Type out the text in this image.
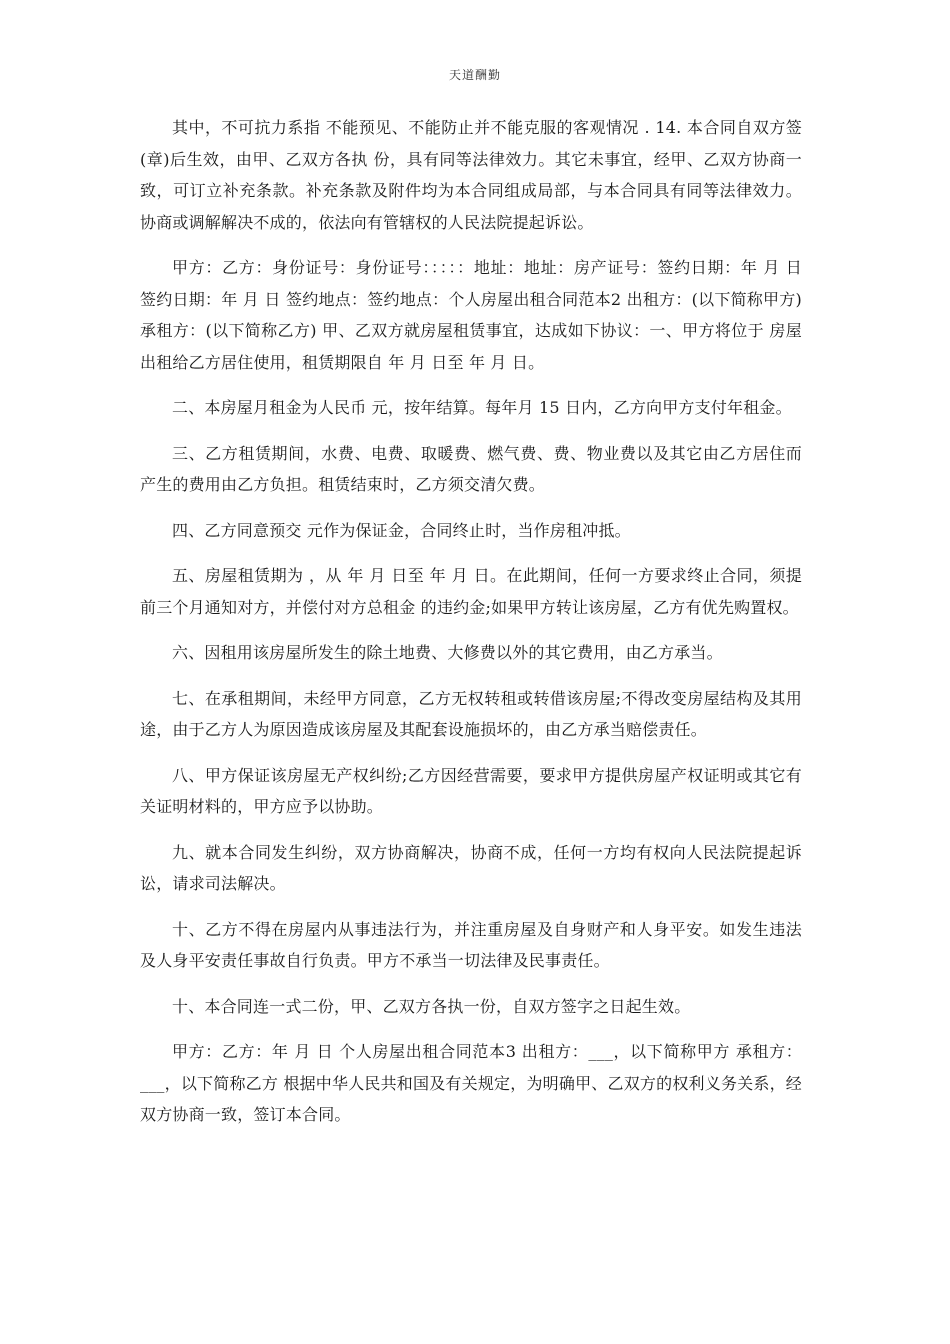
天道酬勤

其中，不可抗力系指 不能预见、不能防止并不能克服的客观情况 . 14. 本合同自双方签(章)后生效，由甲、乙双方各执 份，具有同等法律效力。其它未事宜，经甲、乙双方协商一致，可订立补充条款。补充条款及附件均为本合同组成局部，与本合同具有同等法律效力。协商或调解解决不成的，依法向有管辖权的人民法院提起诉讼。

甲方：乙方：身份证号：身份证号：：：：：地址：地址：房产证号：签约日期：年 月 日 签约日期：年 月 日 签约地点：签约地点：个人房屋出租合同范本2 出租方：(以下简称甲方) 承租方：(以下简称乙方) 甲、乙双方就房屋租赁事宜，达成如下协议：一、甲方将位于 房屋出租给乙方居住使用，租赁期限自 年 月 日至 年 月 日。

二、本房屋月租金为人民币 元，按年结算。每年月 15 日内，乙方向甲方支付年租金。

三、乙方租赁期间，水费、电费、取暖费、燃气费、费、物业费以及其它由乙方居住而产生的费用由乙方负担。租赁结束时，乙方须交清欠费。

四、乙方同意预交 元作为保证金，合同终止时，当作房租冲抵。

五、房屋租赁期为 ，从 年 月 日至 年 月 日。在此期间，任何一方要求终止合同，须提前三个月通知对方，并偿付对方总租金 的违约金;如果甲方转让该房屋，乙方有优先购置权。

六、因租用该房屋所发生的除土地费、大修费以外的其它费用，由乙方承当。

七、在承租期间，未经甲方同意，乙方无权转租或转借该房屋;不得改变房屋结构及其用途，由于乙方人为原因造成该房屋及其配套设施损坏的，由乙方承当赔偿责任。

八、甲方保证该房屋无产权纠纷;乙方因经营需要，要求甲方提供房屋产权证明或其它有关证明材料的，甲方应予以协助。

九、就本合同发生纠纷，双方协商解决，协商不成，任何一方均有权向人民法院提起诉讼，请求司法解决。

十、乙方不得在房屋内从事违法行为，并注重房屋及自身财产和人身平安。如发生违法及人身平安责任事故自行负责。甲方不承当一切法律及民事责任。

十、本合同连一式二份，甲、乙双方各执一份，自双方签字之日起生效。

甲方：乙方：年 月 日 个人房屋出租合同范本3 出租方：___，以下简称甲方 承租方：___，以下简称乙方 根据中华人民共和国及有关规定，为明确甲、乙双方的权利义务关系，经双方协商一致，签订本合同。
